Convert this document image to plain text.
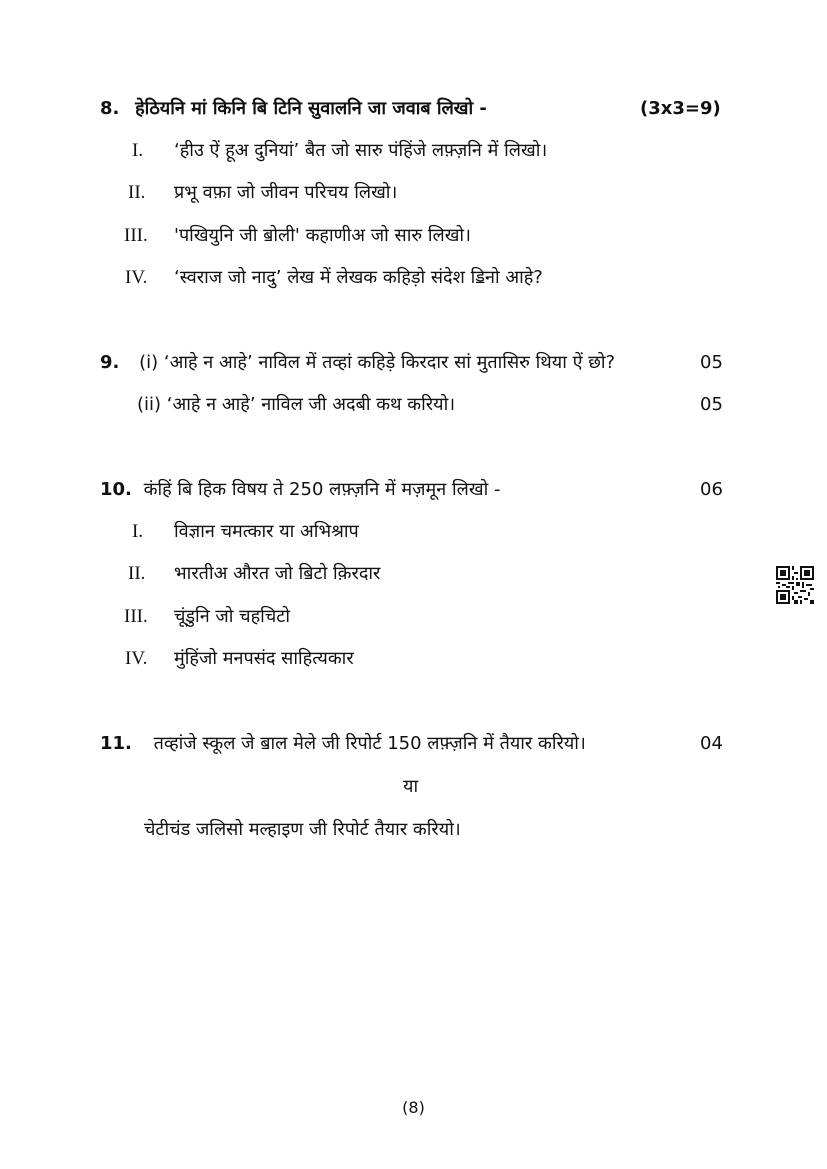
8. हेठियनि मां किनि बि टिनि सुवालनि जा जवाब लिखो -	(3x3=9)
I. ‘हीउ ऐं हूअ दुनियां’ बैत जो सारु पंहिंजे लफ़्ज़नि में लिखो।
II. प्रभू वफ़ा जो जीवन परिचय लिखो।
III. 'पखियुनि जी ॿोली' कहाणीअ जो सारु लिखो।
IV. ‘स्वराज जो नादु’ लेख में लेखक कहिड़ो संदेश ॾिनो आहे?
9. (i) ‘आहे न आहे’ नाविल में तव्हां कहिड़े किरदार सां मुतासिरु थिया ऐं छो?	05
(ii) ‘आहे न आहे’ नाविल जी अदबी कथ करियो।	05
10. कंहिं बि हिक विषय ते 250 लफ़्ज़नि में मज़मून लिखो -	06
I. विज्ञान चमत्कार या अभिश्राप
II. भारतीअ औरत जो ॿिटो क़िरदार
III. चूंडुनि जो चहचिटो
IV. मुंहिंजो मनपसंद साहित्यकार
11. तव्हांजे स्कूल जे ॿाल मेले जी रिपोर्ट 150 लफ़्ज़नि में तैयार करियो।	04
या
चेटीचंड जलिसो मल्हाइण जी रिपोर्ट तैयार करियो।
(8)
